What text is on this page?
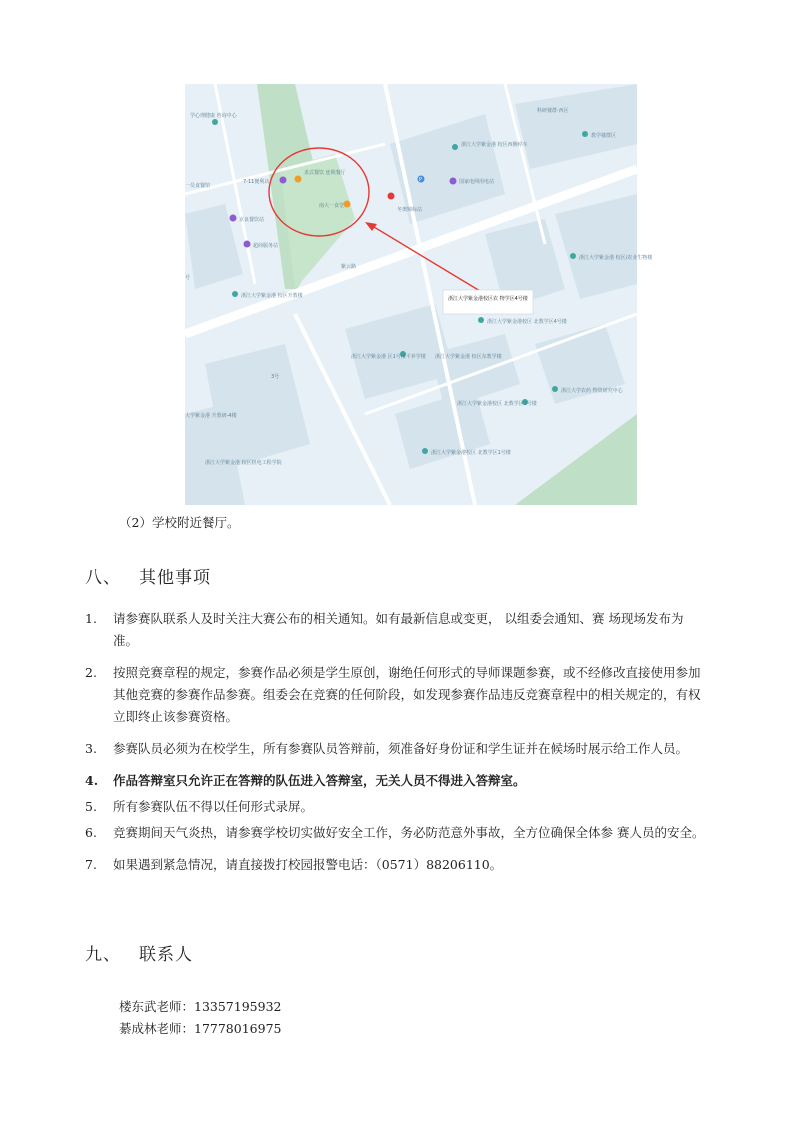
学心理健康 咨询中心
科研楼群·西区
教学楼群区
浙江大学紫金港 校区西侧停车
P	国家电网用电站
7-11便利店
求式餐饮 连锁餐厅
南大一食堂
冬奥锦标站
一员食餐馆
京良餐饮站
超商服务站
浙江大学紫金港 校区升教楼
浙江大学紫金港 校区/农业生物楼
紫云路
浙江大学紫金港校区农 物学区4号楼
浙江大学紫金港校区 北教学区4号楼
浙江大学紫金港 区1号楼平养学楼 浙江大学紫金港 校区东教学楼
浙江大学农药 物资研究中心
浙江大学紫金港校区 北教学区2号楼
大学紫金港 升教研-4楼
浙江大学紫金港 校区机电工程学院
浙江大学紫金港校区 北教学区1号楼
3号
号
（2）学校附近餐厅。
八、 其他事项
1. 请参赛队联系人及时关注大赛公布的相关通知。如有最新信息或变更， 以组委会通知、赛 场现场发布为准。
2. 按照竞赛章程的规定，参赛作品必须是学生原创，谢绝任何形式的导师课题参赛，或不经修改直接使用参加其他竞赛的参赛作品参赛。组委会在竞赛的任何阶段，如发现参赛作品违反竞赛章程中的相关规定的，有权立即终止该参赛资格。
3. 参赛队员必须为在校学生，所有参赛队员答辩前，须准备好身份证和学生证并在候场时展示给工作人员。
4. 作品答辩室只允许正在答辩的队伍进入答辩室，无关人员不得进入答辩室。
5. 所有参赛队伍不得以任何形式录屏。
6. 竞赛期间天气炎热，请参赛学校切实做好安全工作，务必防范意外事故，全方位确保全体参 赛人员的安全。
7. 如果遇到紧急情况，请直接拨打校园报警电话：（0571）88206110。
九、 联系人
楼东武老师：13357195932
綦成林老师：17778016975
